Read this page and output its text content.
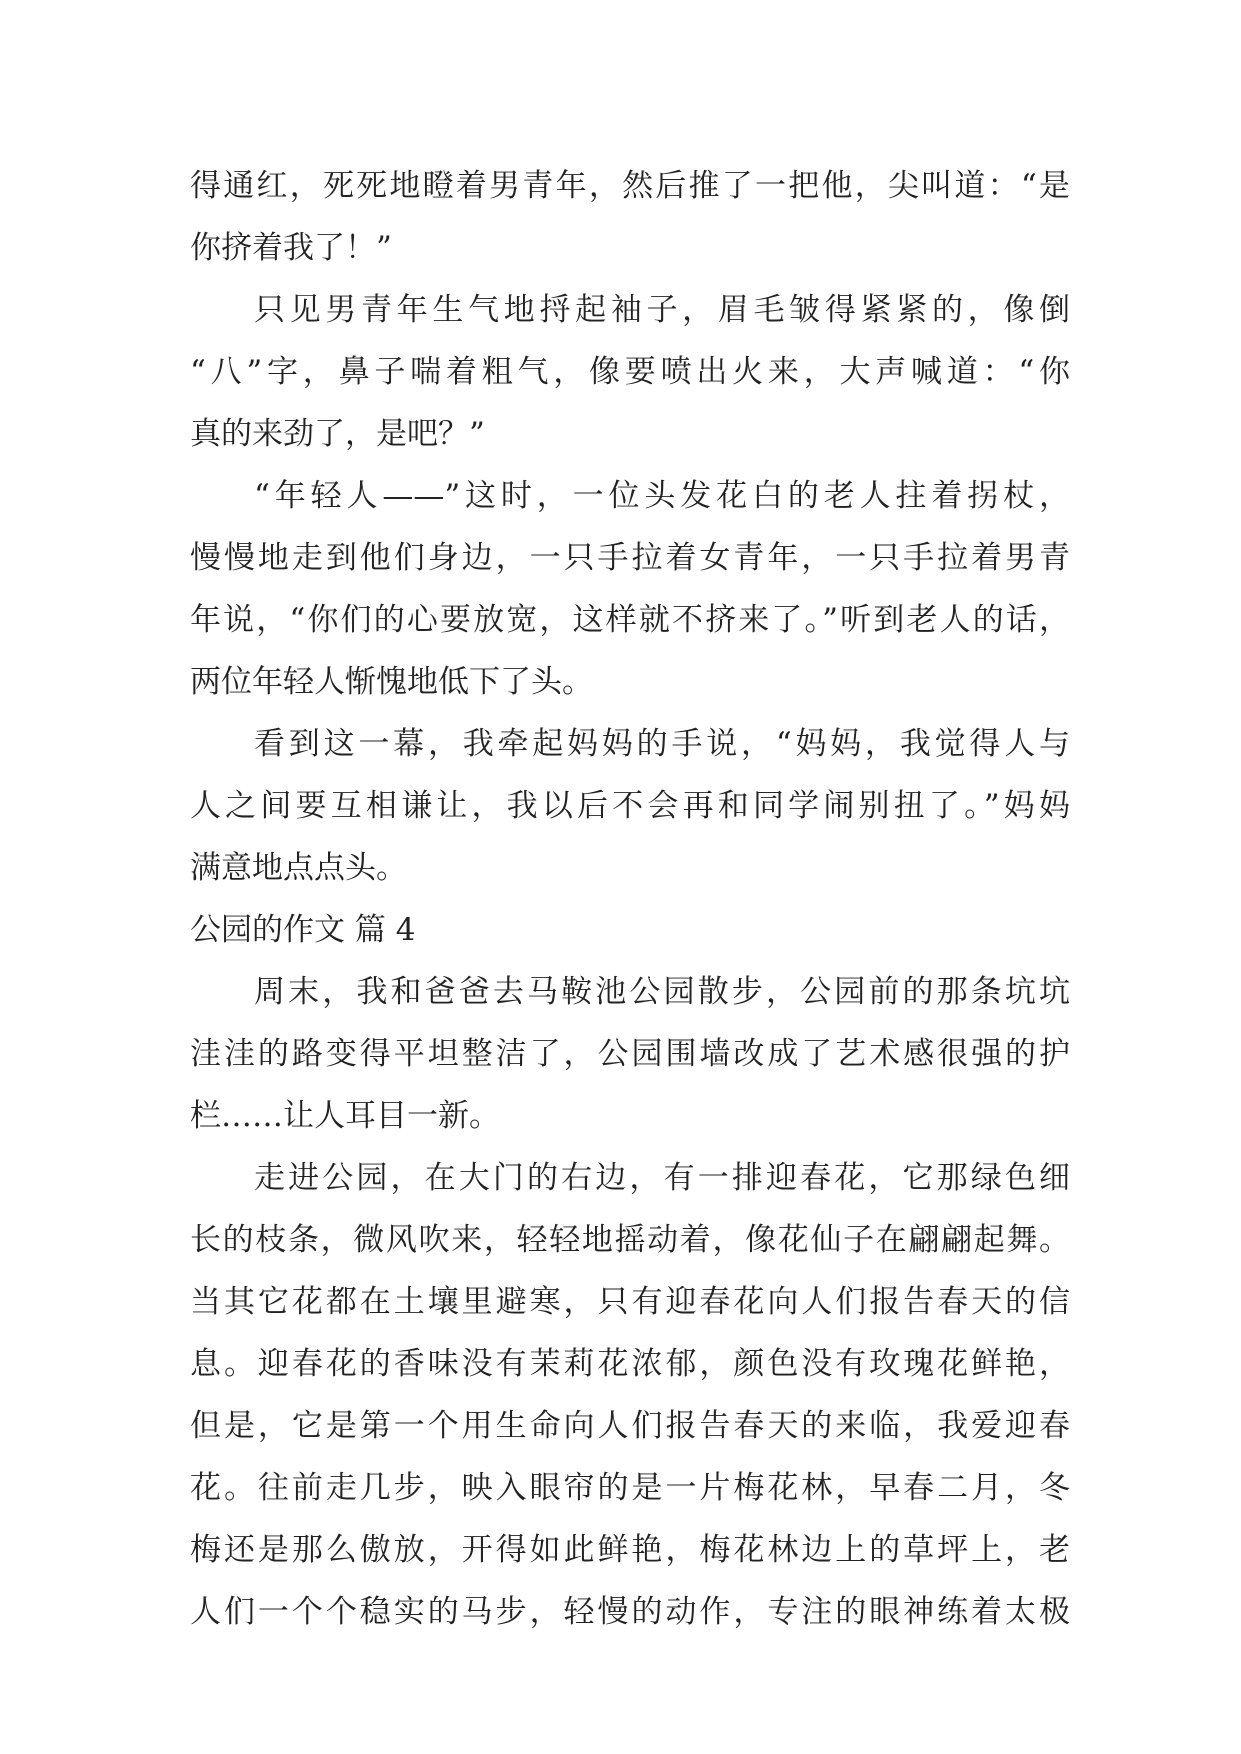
得通红，死死地瞪着男青年，然后推了一把他，尖叫道：“是
你挤着我了！”
只见男青年生气地捋起袖子，眉毛皱得紧紧的，像倒
“八”字，鼻子喘着粗气，像要喷出火来，大声喊道：“你
真的来劲了，是吧？”
“年轻人——”这时，一位头发花白的老人拄着拐杖，
慢慢地走到他们身边，一只手拉着女青年，一只手拉着男青
年说，“你们的心要放宽，这样就不挤来了。”听到老人的话，
两位年轻人惭愧地低下了头。
看到这一幕，我牵起妈妈的手说，“妈妈，我觉得人与
人之间要互相谦让，我以后不会再和同学闹别扭了。”妈妈
满意地点点头。
公园的作文 篇 4
周末，我和爸爸去马鞍池公园散步，公园前的那条坑坑
洼洼的路变得平坦整洁了，公园围墙改成了艺术感很强的护
栏……让人耳目一新。
走进公园，在大门的右边，有一排迎春花，它那绿色细
长的枝条，微风吹来，轻轻地摇动着，像花仙子在翩翩起舞。
当其它花都在土壤里避寒，只有迎春花向人们报告春天的信
息。迎春花的香味没有茉莉花浓郁，颜色没有玫瑰花鲜艳，
但是，它是第一个用生命向人们报告春天的来临，我爱迎春
花。往前走几步，映入眼帘的是一片梅花林，早春二月，冬
梅还是那么傲放，开得如此鲜艳，梅花林边上的草坪上，老
人们一个个稳实的马步，轻慢的动作，专注的眼神练着太极
